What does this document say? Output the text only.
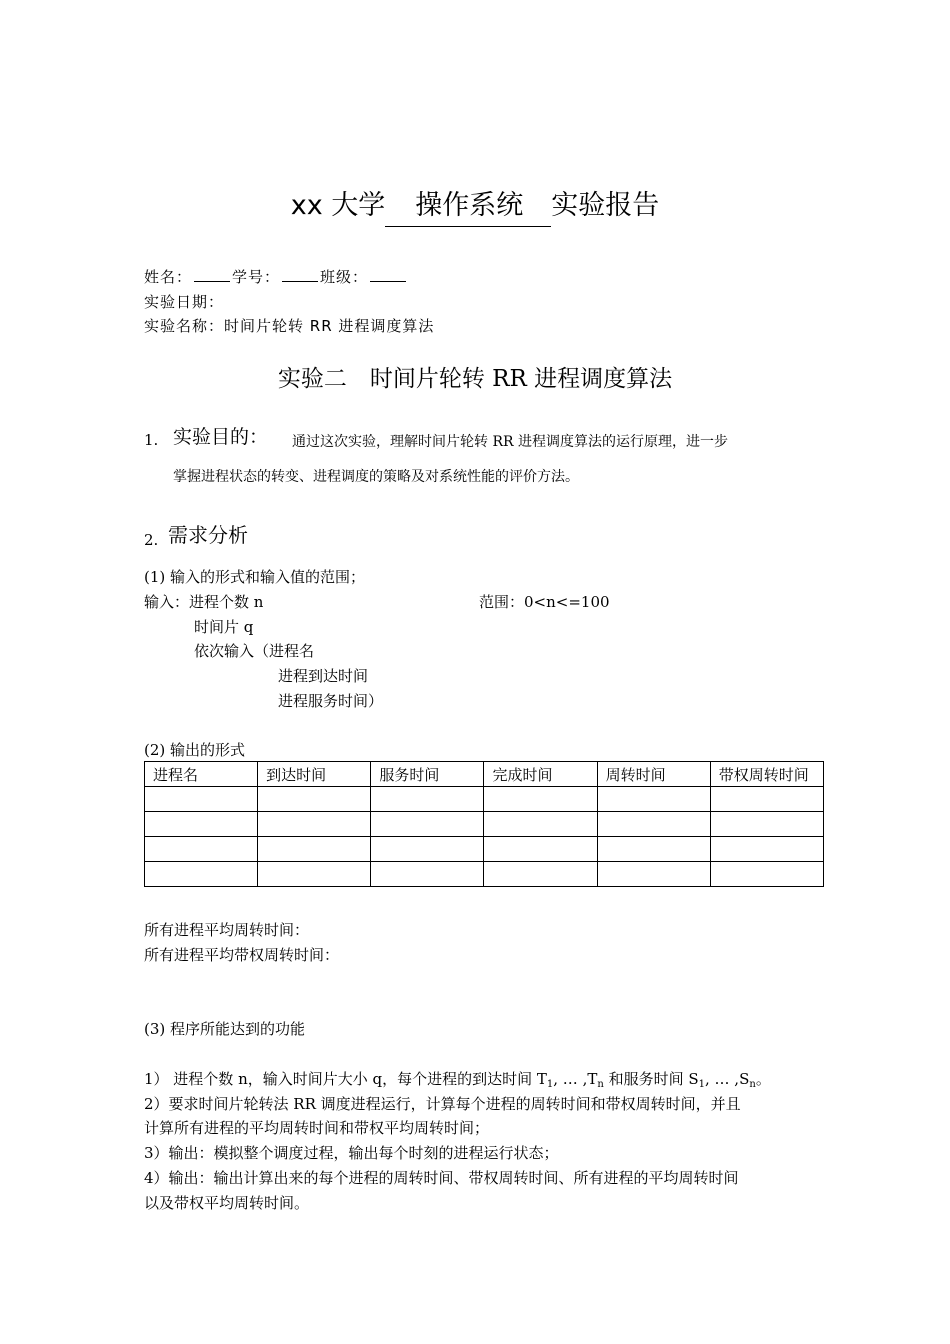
xx 大学 操作系统 实验报告
姓名：	学号：	班级：
实验日期：
实验名称：时间片轮转 RR 进程调度算法
实验二　时间片轮转 RR 进程调度算法
1. 实验目的： 通过这次实验，理解时间片轮转 RR 进程调度算法的运行原理，进一步
掌握进程状态的转变、进程调度的策略及对系统性能的评价方法。
2. 需求分析
(1) 输入的形式和输入值的范围；
输入：进程个数 n	范围：0<n<=100
时间片 q
依次输入（进程名
进程到达时间
进程服务时间）
(2) 输出的形式
进程名	到达时间	服务时间	完成时间	周转时间	带权周转时间

所有进程平均周转时间：
所有进程平均带权周转时间：
(3) 程序所能达到的功能
1） 进程个数 n，输入时间片大小 q，每个进程的到达时间 $T_1$, … $,T_n$ 和服务时间 $S_1$, … $,S_n$。
2）要求时间片轮转法 RR 调度进程运行，计算每个进程的周转时间和带权周转时间，并且
计算所有进程的平均周转时间和带权平均周转时间；
3）输出：模拟整个调度过程，输出每个时刻的进程运行状态；
4）输出：输出计算出来的每个进程的周转时间、带权周转时间、所有进程的平均周转时间
以及带权平均周转时间。
